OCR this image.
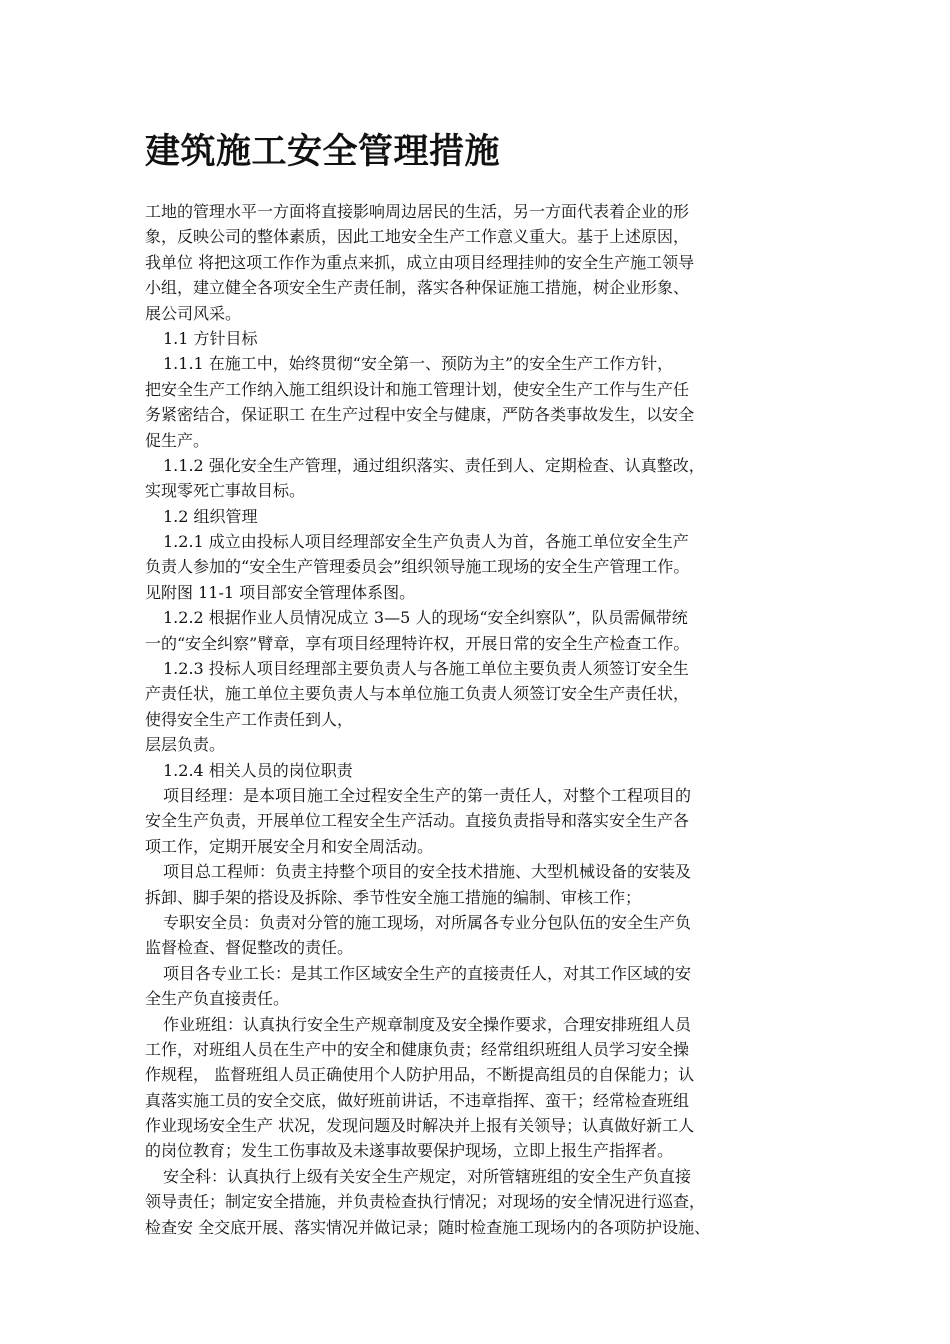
建筑施工安全管理措施
工地的管理水平一方面将直接影响周边居民的生活，另一方面代表着企业的形
象，反映公司的整体素质，因此工地安全生产工作意义重大。基于上述原因，
我单位 将把这项工作作为重点来抓，成立由项目经理挂帅的安全生产施工领导
小组，建立健全各项安全生产责任制，落实各种保证施工措施，树企业形象、
展公司风采。
1.1 方针目标
1.1.1 在施工中，始终贯彻“安全第一、预防为主”的安全生产工作方针，
把安全生产工作纳入施工组织设计和施工管理计划，使安全生产工作与生产任
务紧密结合，保证职工 在生产过程中安全与健康，严防各类事故发生，以安全
促生产。
1.1.2 强化安全生产管理，通过组织落实、责任到人、定期检查、认真整改，
实现零死亡事故目标。
1.2 组织管理
1.2.1 成立由投标人项目经理部安全生产负责人为首，各施工单位安全生产
负责人参加的“安全生产管理委员会”组织领导施工现场的安全生产管理工作。
见附图 11-1 项目部安全管理体系图。
1.2.2 根据作业人员情况成立 3—5 人的现场“安全纠察队”，队员需佩带统
一的“安全纠察”臂章，享有项目经理特许权，开展日常的安全生产检查工作。
1.2.3 投标人项目经理部主要负责人与各施工单位主要负责人须签订安全生
产责任状，施工单位主要负责人与本单位施工负责人须签订安全生产责任状，
使得安全生产工作责任到人，
层层负责。
1.2.4 相关人员的岗位职责
项目经理：是本项目施工全过程安全生产的第一责任人，对整个工程项目的
安全生产负责，开展单位工程安全生产活动。直接负责指导和落实安全生产各
项工作，定期开展安全月和安全周活动。
项目总工程师：负责主持整个项目的安全技术措施、大型机械设备的安装及
拆卸、脚手架的搭设及拆除、季节性安全施工措施的编制、审核工作；
专职安全员：负责对分管的施工现场，对所属各专业分包队伍的安全生产负
监督检查、督促整改的责任。
项目各专业工长：是其工作区域安全生产的直接责任人，对其工作区域的安
全生产负直接责任。
作业班组：认真执行安全生产规章制度及安全操作要求，合理安排班组人员
工作，对班组人员在生产中的安全和健康负责；经常组织班组人员学习安全操
作规程， 监督班组人员正确使用个人防护用品，不断提高组员的自保能力；认
真落实施工员的安全交底，做好班前讲话，不违章指挥、蛮干；经常检查班组
作业现场安全生产 状况，发现问题及时解决并上报有关领导；认真做好新工人
的岗位教育；发生工伤事故及未遂事故要保护现场，立即上报生产指挥者。
安全科：认真执行上级有关安全生产规定，对所管辖班组的安全生产负直接
领导责任；制定安全措施，并负责检查执行情况；对现场的安全情况进行巡查，
检查安 全交底开展、落实情况并做记录；随时检查施工现场内的各项防护设施、
